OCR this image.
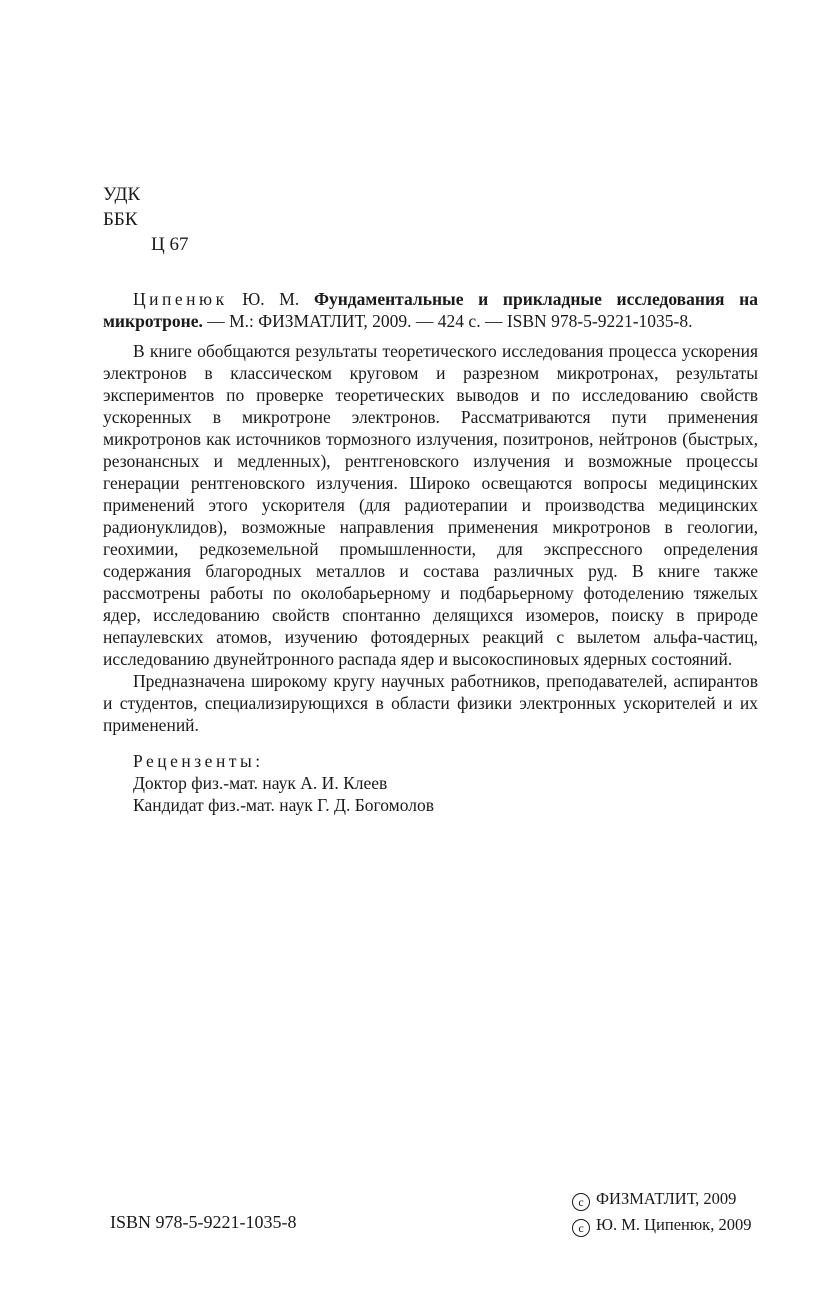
УДК
ББК
Ц 67
Ципенюк Ю. М. Фундаментальные и прикладные исследования на микротроне. — М.: ФИЗМАТЛИТ, 2009. — 424 с. — ISBN 978-5-9221-1035-8.

В книге обобщаются результаты теоретического исследования процесса ускорения электронов в классическом круговом и разрезном микротронах, результаты экспериментов по проверке теоретических выводов и по исследованию свойств ускоренных в микротроне электронов. Рассматриваются пути применения микротронов как источников тормозного излучения, позитронов, нейтронов (быстрых, резонансных и медленных), рентгеновского излучения и возможные процессы генерации рентгеновского излучения. Широко освещаются вопросы медицинских применений этого ускорителя (для радиотерапии и производства медицинских радионуклидов), возможные направления применения микротронов в геологии, геохимии, редкоземельной промышленности, для экспрессного определения содержания благородных металлов и состава различных руд. В книге также рассмотрены работы по околобарьерному и подбарьерному фотоделению тяжелых ядер, исследованию свойств спонтанно делящихся изомеров, поиску в природе непаулевских атомов, изучению фотоядерных реакций с вылетом альфа-частиц, исследованию двунейтронного распада ядер и высокоспиновых ядерных состояний.

Предназначена широкому кругу научных работников, преподавателей, аспирантов и студентов, специализирующихся в области физики электронных ускорителей и их применений.

Рецензенты:
Доктор физ.-мат. наук А. И. Клеев
Кандидат физ.-мат. наук Г. Д. Богомолов
ISBN 978-5-9221-1035-8
c ФИЗМАТЛИТ, 2009
c Ю. М. Ципенюк, 2009
